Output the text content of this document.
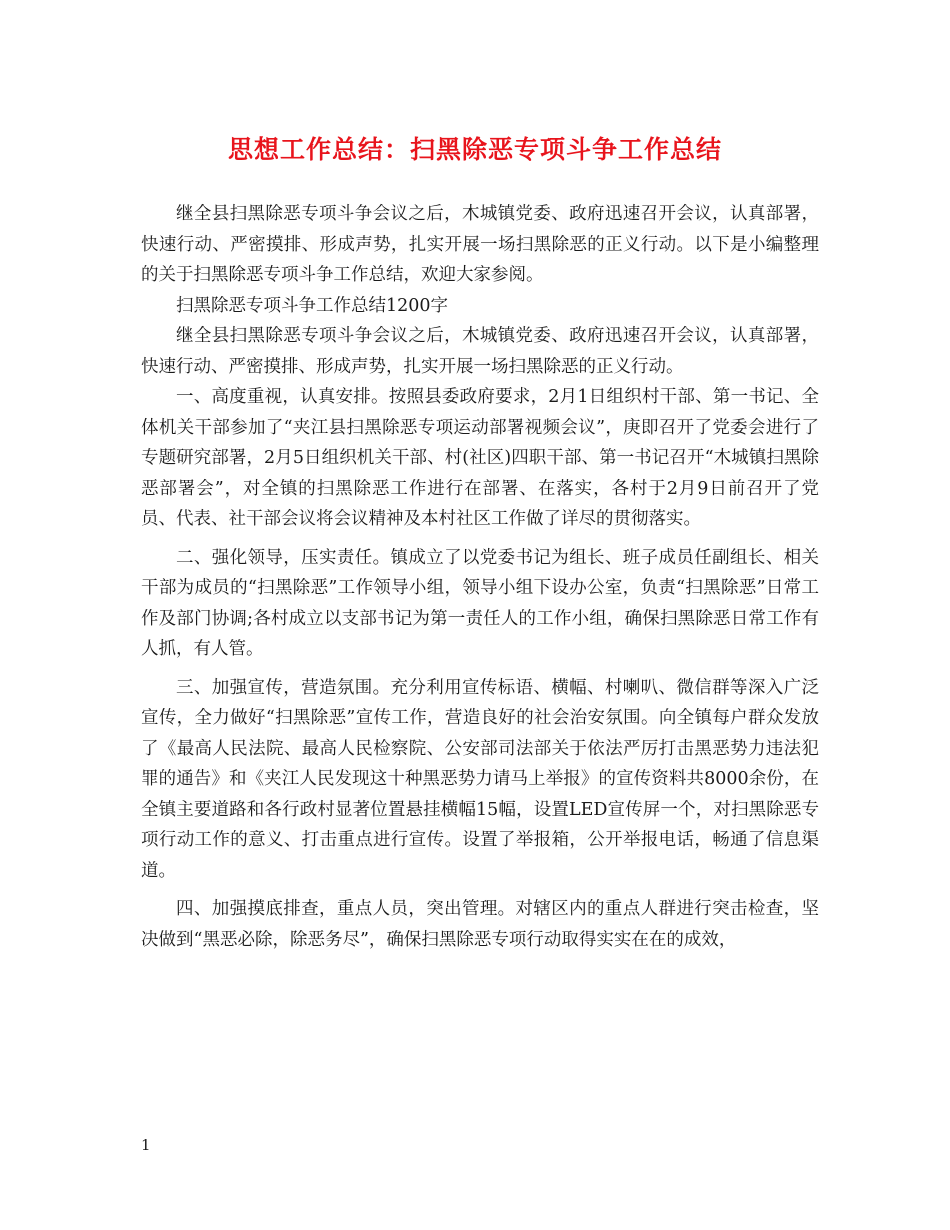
思想工作总结：扫黑除恶专项斗争工作总结

继全县扫黑除恶专项斗争会议之后，木城镇党委、政府迅速召开会议，认真部署，快速行动、严密摸排、形成声势，扎实开展一场扫黑除恶的正义行动。以下是小编整理的关于扫黑除恶专项斗争工作总结，欢迎大家参阅。

扫黑除恶专项斗争工作总结1200字

继全县扫黑除恶专项斗争会议之后，木城镇党委、政府迅速召开会议，认真部署，快速行动、严密摸排、形成声势，扎实开展一场扫黑除恶的正义行动。

一、高度重视，认真安排。按照县委政府要求，2月1日组织村干部、第一书记、全体机关干部参加了“夹江县扫黑除恶专项运动部署视频会议”，庚即召开了党委会进行了专题研究部署，2月5日组织机关干部、村(社区)四职干部、第一书记召开“木城镇扫黑除恶部署会”，对全镇的扫黑除恶工作进行在部署、在落实，各村于2月9日前召开了党员、代表、社干部会议将会议精神及本村社区工作做了详尽的贯彻落实。

二、强化领导，压实责任。镇成立了以党委书记为组长、班子成员任副组长、相关干部为成员的“扫黑除恶”工作领导小组，领导小组下设办公室，负责“扫黑除恶”日常工作及部门协调;各村成立以支部书记为第一责任人的工作小组，确保扫黑除恶日常工作有人抓，有人管。

三、加强宣传，营造氛围。充分利用宣传标语、横幅、村喇叭、微信群等深入广泛宣传，全力做好“扫黑除恶”宣传工作，营造良好的社会治安氛围。向全镇每户群众发放了《最高人民法院、最高人民检察院、公安部司法部关于依法严厉打击黑恶势力违法犯罪的通告》和《夹江人民发现这十种黑恶势力请马上举报》的宣传资料共8000余份，在全镇主要道路和各行政村显著位置悬挂横幅15幅，设置LED宣传屏一个，对扫黑除恶专项行动工作的意义、打击重点进行宣传。设置了举报箱，公开举报电话，畅通了信息渠道。

四、加强摸底排查，重点人员，突出管理。对辖区内的重点人群进行突击检查，坚决做到“黑恶必除，除恶务尽”，确保扫黑除恶专项行动取得实实在在的成效，

1
